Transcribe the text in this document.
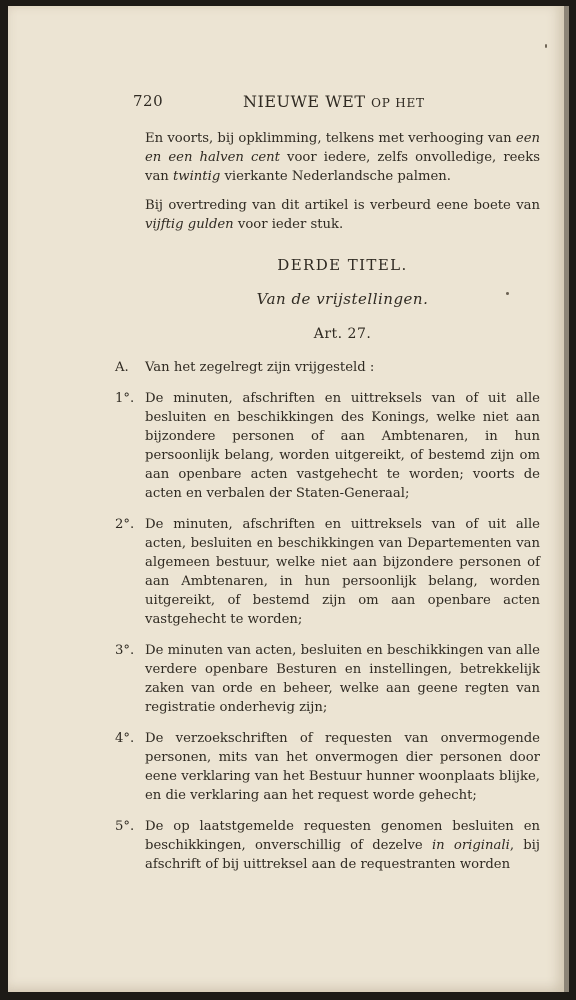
720	NIEUWE WET OP HET

En voorts, bij opklimming, telkens met verhooging van een en een halven cent voor iedere, zelfs onvolledige, reeks van twintig vierkante Nederlandsche palmen.

Bij overtreding van dit artikel is verbeurd eene boete van vijftig gulden voor ieder stuk.

DERDE TITEL.

Van de vrijstellingen.

Art. 27.

A.	Van het zegelregt zijn vrijgesteld :
1°. De minuten, afschriften en uittreksels van of uit alle besluiten en beschikkingen des Konings, welke niet aan bijzondere personen of aan Ambtenaren, in hun persoonlijk belang, worden uitgereikt, of bestemd zijn om aan openbare acten vastgehecht te worden; voorts de acten en verbalen der Staten-Generaal;
2°. De minuten, afschriften en uittreksels van of uit alle acten, besluiten en beschikkingen van Departementen van algemeen bestuur, welke niet aan bijzondere personen of aan Ambtenaren, in hun persoonlijk belang, worden uitgereikt, of bestemd zijn om aan openbare acten vastgehecht te worden;
3°. De minuten van acten, besluiten en beschikkingen van alle verdere openbare Besturen en instellingen, betrekkelijk zaken van orde en beheer, welke aan geene regten van registratie onderhevig zijn;
4°. De verzoekschriften of requesten van onvermogende personen, mits van het onvermogen dier personen door eene verklaring van het Bestuur hunner woonplaats blijke, en die verklaring aan het request worde gehecht;
5°. De op laatstgemelde requesten genomen besluiten en beschikkingen, onverschillig of dezelve in originali, bij afschrift of bij uittreksel aan de requestranten worden
